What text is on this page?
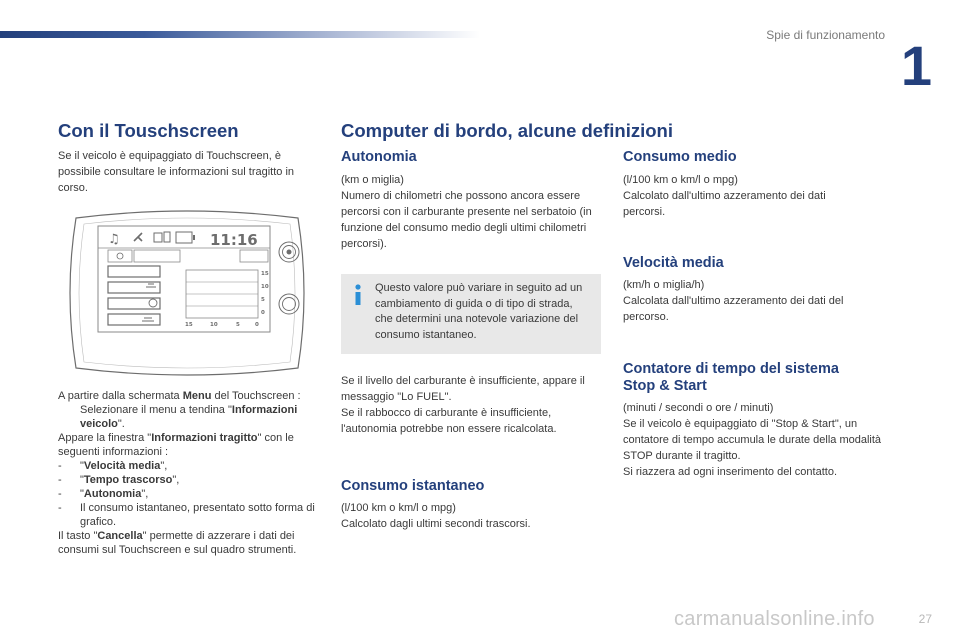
Spie di funzionamento 1
Con il Touschscreen

Se il veicolo è equipaggiato di Touchscreen, è possibile consultare le informazioni sul tragitto in corso.

♫	11:16
15
10
5
0
15	10	5	0

A partire dalla schermata Menu del Touchscreen :

Selezionare il menu a tendina "Informazioni veicolo".

Appare la finestra "Informazioni tragitto" con le seguenti informazioni :

- "Velocità media",
- "Tempo trascorso",
- "Autonomia",
- Il consumo istantaneo, presentato sotto forma di grafico.

Il tasto "Cancella" permette di azzerare i dati dei consumi sul Touchscreen e sul quadro strumenti.

Computer di bordo, alcune definizioni
Autonomia

(km o miglia)

Numero di chilometri che possono ancora essere percorsi con il carburante presente nel serbatoio (in funzione del consumo medio degli ultimi chilometri percorsi).

Questo valore può variare in seguito ad un cambiamento di guida o di tipo di strada, che determini una notevole variazione del consumo istantaneo.

Se il livello del carburante è insufficiente, appare il messaggio "Lo FUEL".

Se il rabbocco di carburante è insufficiente, l'autonomia potrebbe non essere ricalcolata.

Consumo istantaneo

(l/100 km o km/l o mpg)

Calcolato dagli ultimi secondi trascorsi.

Consumo medio

(l/100 km o km/l o mpg)

Calcolato dall'ultimo azzeramento dei dati percorsi.

Velocità media

(km/h o miglia/h)

Calcolata dall'ultimo azzeramento dei dati del percorso.

Contatore di tempo del sistema
Stop & Start

(minuti / secondi o ore / minuti)

Se il veicolo è equipaggiato di "Stop & Start", un contatore di tempo accumula le durate della modalità STOP durante il tragitto.

Si riazzera ad ogni inserimento del contatto.

carmanualsonline.info	27
